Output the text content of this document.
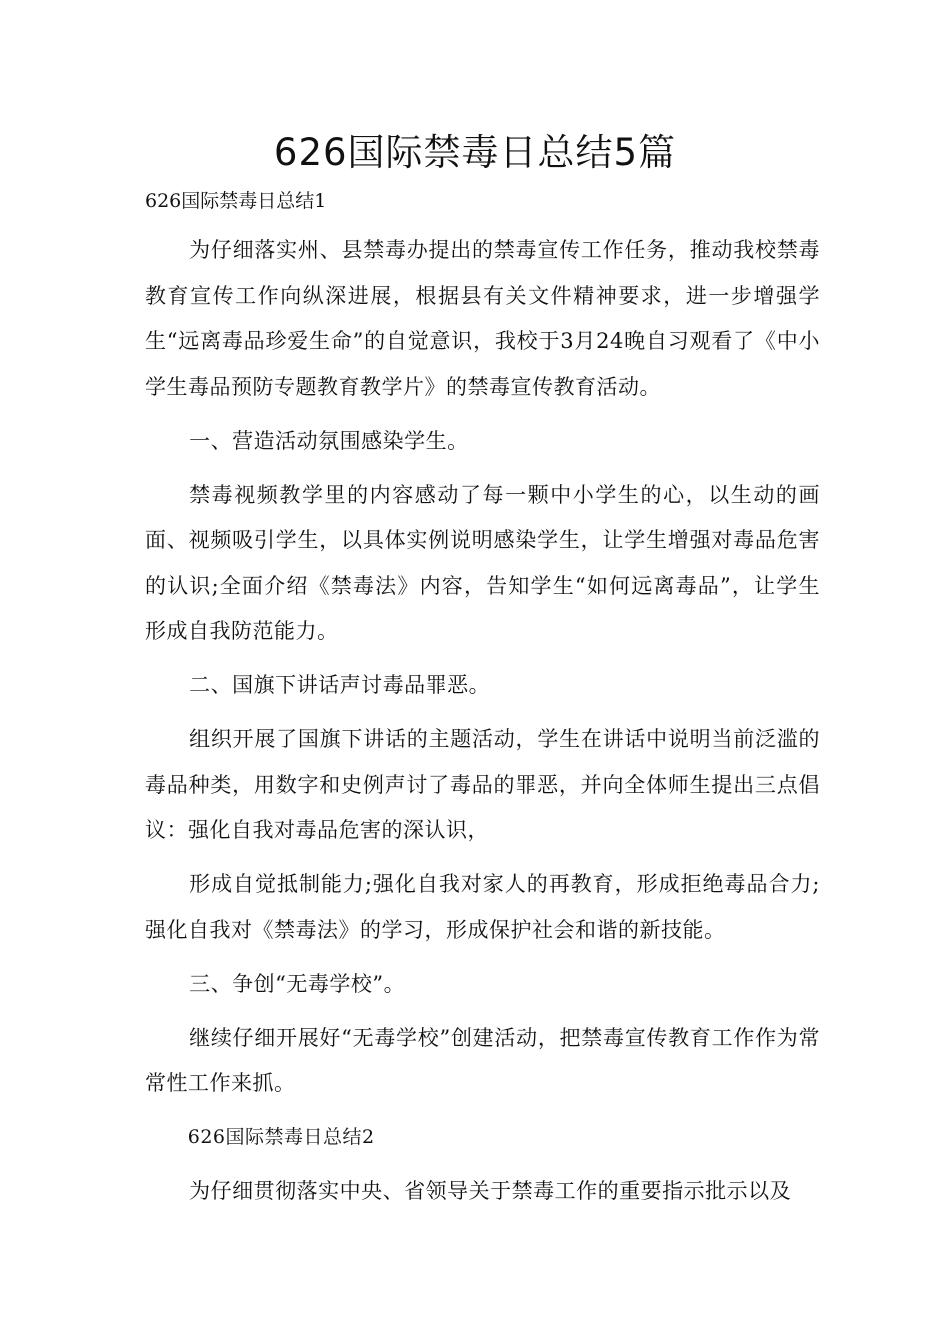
626国际禁毒日总结5篇
626国际禁毒日总结1

为仔细落实州、县禁毒办提出的禁毒宣传工作任务，推动我校禁毒教育宣传工作向纵深进展，根据县有关文件精神要求，进一步增强学生“远离毒品珍爱生命”的自觉意识，我校于3月24晚自习观看了《中小学生毒品预防专题教育教学片》的禁毒宣传教育活动。

一、营造活动氛围感染学生。

禁毒视频教学里的内容感动了每一颗中小学生的心，以生动的画面、视频吸引学生，以具体实例说明感染学生，让学生增强对毒品危害的认识;全面介绍《禁毒法》内容，告知学生“如何远离毒品”，让学生形成自我防范能力。

二、国旗下讲话声讨毒品罪恶。

组织开展了国旗下讲话的主题活动，学生在讲话中说明当前泛滥的毒品种类，用数字和史例声讨了毒品的罪恶，并向全体师生提出三点倡议：强化自我对毒品危害的深认识，

形成自觉抵制能力;强化自我对家人的再教育，形成拒绝毒品合力;强化自我对《禁毒法》的学习，形成保护社会和谐的新技能。

三、争创“无毒学校”。

继续仔细开展好“无毒学校”创建活动，把禁毒宣传教育工作作为常常性工作来抓。

626国际禁毒日总结2

为仔细贯彻落实中央、省领导关于禁毒工作的重要指示批示以及
